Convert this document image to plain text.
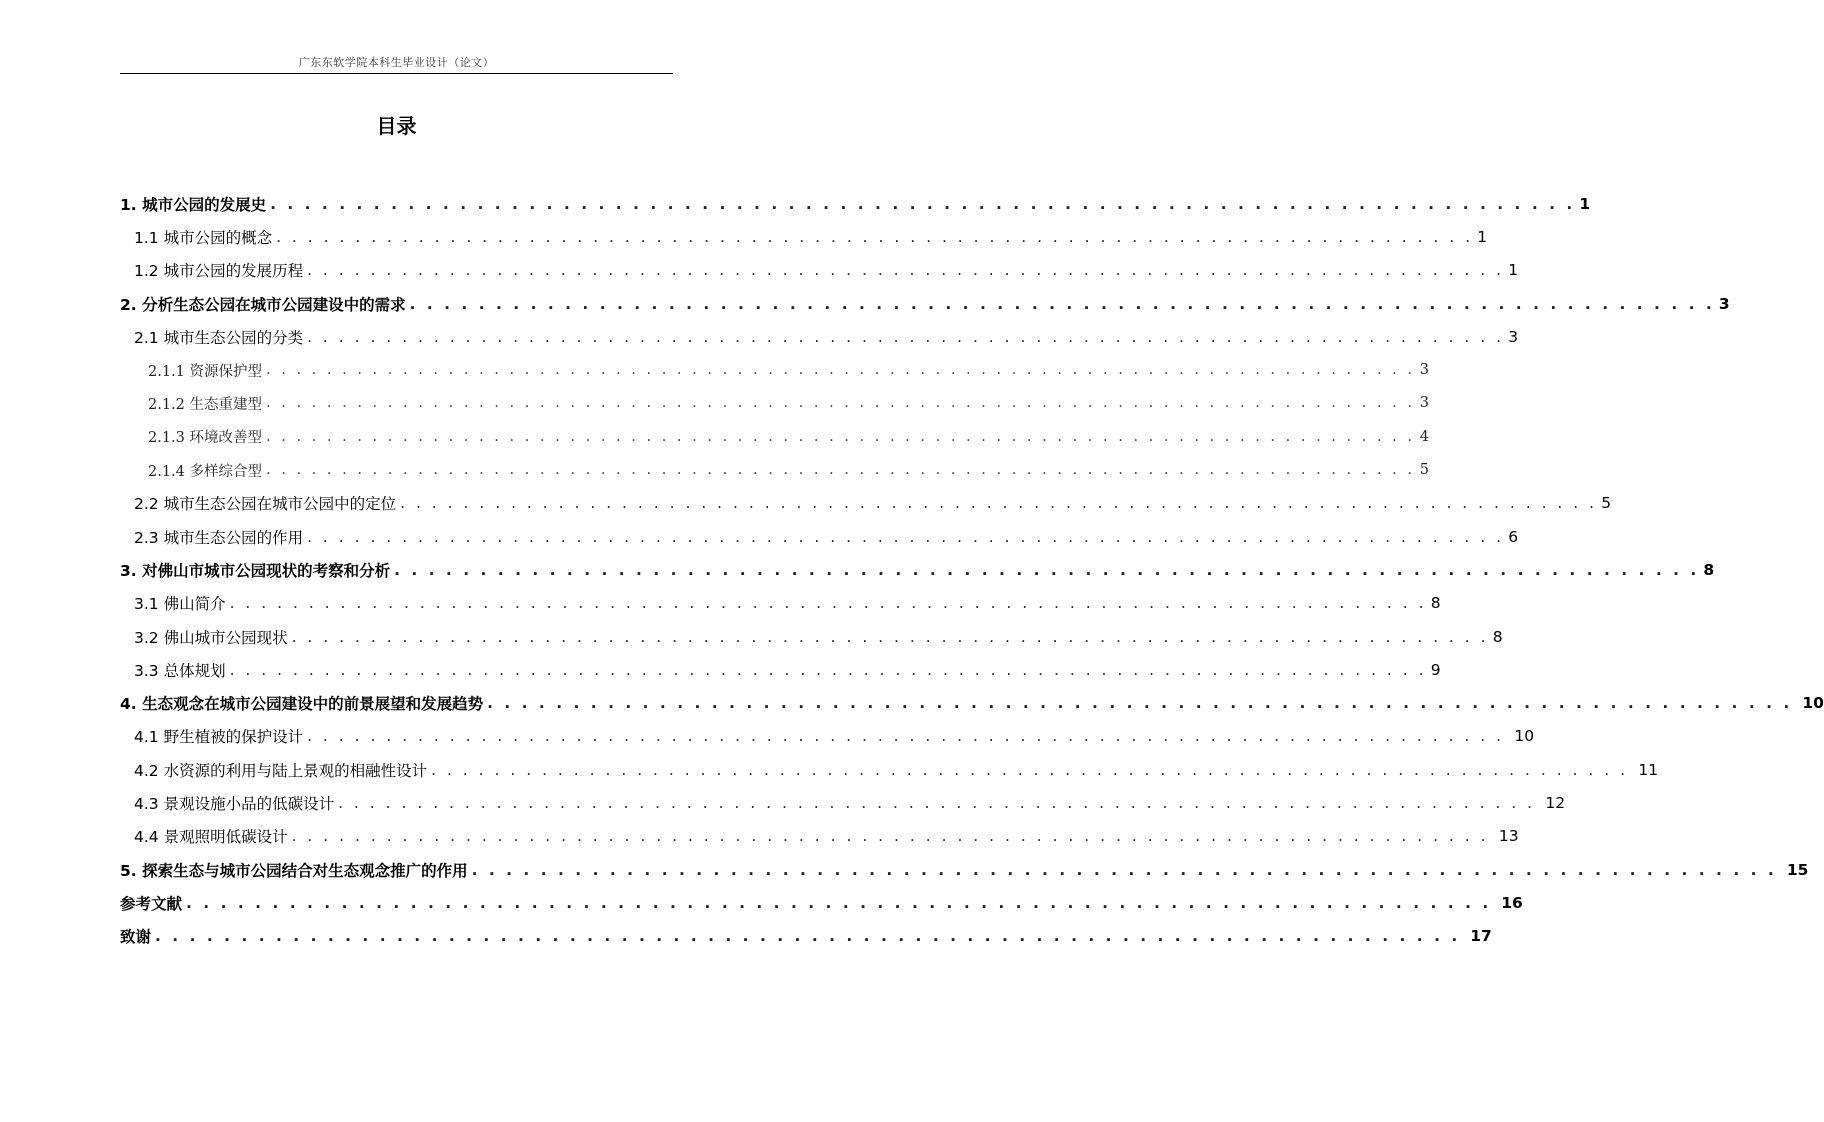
广东东软学院本科生毕业设计（论文）
目录
1. 城市公园的发展史 . . . . . . . . . . . . . . . . . . . . . . . . . . . . . . . . . . . . . . . . . . . . . . . . . . . . . . . . . . . . . . . . . . . . . . . . . . . . 1
1.1 城市公园的概念 . . . . . . . . . . . . . . . . . . . . . . . . . . . . . . . . . . . . . . . . . . . . . . . . . . . . . . . . . . . . . . . . . . . . . . . . . . . . 1
1.2 城市公园的发展历程 . . . . . . . . . . . . . . . . . . . . . . . . . . . . . . . . . . . . . . . . . . . . . . . . . . . . . . . . . . . . . . . . . . . . . . . . . . . . 1
2. 分析生态公园在城市公园建设中的需求 . . . . . . . . . . . . . . . . . . . . . . . . . . . . . . . . . . . . . . . . . . . . . . . . . . . . . . . . . . . . . . . . . . . . . . . . . . . . 3
2.1 城市生态公园的分类 . . . . . . . . . . . . . . . . . . . . . . . . . . . . . . . . . . . . . . . . . . . . . . . . . . . . . . . . . . . . . . . . . . . . . . . . . . . . 3
2.1.1 资源保护型 . . . . . . . . . . . . . . . . . . . . . . . . . . . . . . . . . . . . . . . . . . . . . . . . . . . . . . . . . . . . . . . . . . . . . . . . . . . . 3
2.1.2 生态重建型 . . . . . . . . . . . . . . . . . . . . . . . . . . . . . . . . . . . . . . . . . . . . . . . . . . . . . . . . . . . . . . . . . . . . . . . . . . . . 3
2.1.3 环境改善型 . . . . . . . . . . . . . . . . . . . . . . . . . . . . . . . . . . . . . . . . . . . . . . . . . . . . . . . . . . . . . . . . . . . . . . . . . . . . 4
2.1.4 多样综合型 . . . . . . . . . . . . . . . . . . . . . . . . . . . . . . . . . . . . . . . . . . . . . . . . . . . . . . . . . . . . . . . . . . . . . . . . . . . . 5
2.2 城市生态公园在城市公园中的定位 . . . . . . . . . . . . . . . . . . . . . . . . . . . . . . . . . . . . . . . . . . . . . . . . . . . . . . . . . . . . . . . . . . . . . . . . . . . . 5
2.3 城市生态公园的作用 . . . . . . . . . . . . . . . . . . . . . . . . . . . . . . . . . . . . . . . . . . . . . . . . . . . . . . . . . . . . . . . . . . . . . . . . . . . . 6
3. 对佛山市城市公园现状的考察和分析 . . . . . . . . . . . . . . . . . . . . . . . . . . . . . . . . . . . . . . . . . . . . . . . . . . . . . . . . . . . . . . . . . . . . . . . . . . . . 8
3.1 佛山简介 . . . . . . . . . . . . . . . . . . . . . . . . . . . . . . . . . . . . . . . . . . . . . . . . . . . . . . . . . . . . . . . . . . . . . . . . . . . . 8
3.2 佛山城市公园现状 . . . . . . . . . . . . . . . . . . . . . . . . . . . . . . . . . . . . . . . . . . . . . . . . . . . . . . . . . . . . . . . . . . . . . . . . . . . . 8
3.3 总体规划 . . . . . . . . . . . . . . . . . . . . . . . . . . . . . . . . . . . . . . . . . . . . . . . . . . . . . . . . . . . . . . . . . . . . . . . . . . . . 9
4. 生态观念在城市公园建设中的前景展望和发展趋势 . . . . . . . . . . . . . . . . . . . . . . . . . . . . . . . . . . . . . . . . . . . . . . . . . . . . . . . . . . . . . . . . . . . . . . . . . . . . 10
4.1 野生植被的保护设计 . . . . . . . . . . . . . . . . . . . . . . . . . . . . . . . . . . . . . . . . . . . . . . . . . . . . . . . . . . . . . . . . . . . . . . . . . . . . 10
4.2 水资源的利用与陆上景观的相融性设计 . . . . . . . . . . . . . . . . . . . . . . . . . . . . . . . . . . . . . . . . . . . . . . . . . . . . . . . . . . . . . . . . . . . . . . . . . . . . 11
4.3 景观设施小品的低碳设计 . . . . . . . . . . . . . . . . . . . . . . . . . . . . . . . . . . . . . . . . . . . . . . . . . . . . . . . . . . . . . . . . . . . . . . . . . . . . 12
4.4 景观照明低碳设计 . . . . . . . . . . . . . . . . . . . . . . . . . . . . . . . . . . . . . . . . . . . . . . . . . . . . . . . . . . . . . . . . . . . . . . . . . . . . 13
5. 探索生态与城市公园结合对生态观念推广的作用 . . . . . . . . . . . . . . . . . . . . . . . . . . . . . . . . . . . . . . . . . . . . . . . . . . . . . . . . . . . . . . . . . . . . . . . . . . . . 15
参考文献 . . . . . . . . . . . . . . . . . . . . . . . . . . . . . . . . . . . . . . . . . . . . . . . . . . . . . . . . . . . . . . . . . . . . . . . . . . . . 16
致谢 . . . . . . . . . . . . . . . . . . . . . . . . . . . . . . . . . . . . . . . . . . . . . . . . . . . . . . . . . . . . . . . . . . . . . . . . . . . . 17
